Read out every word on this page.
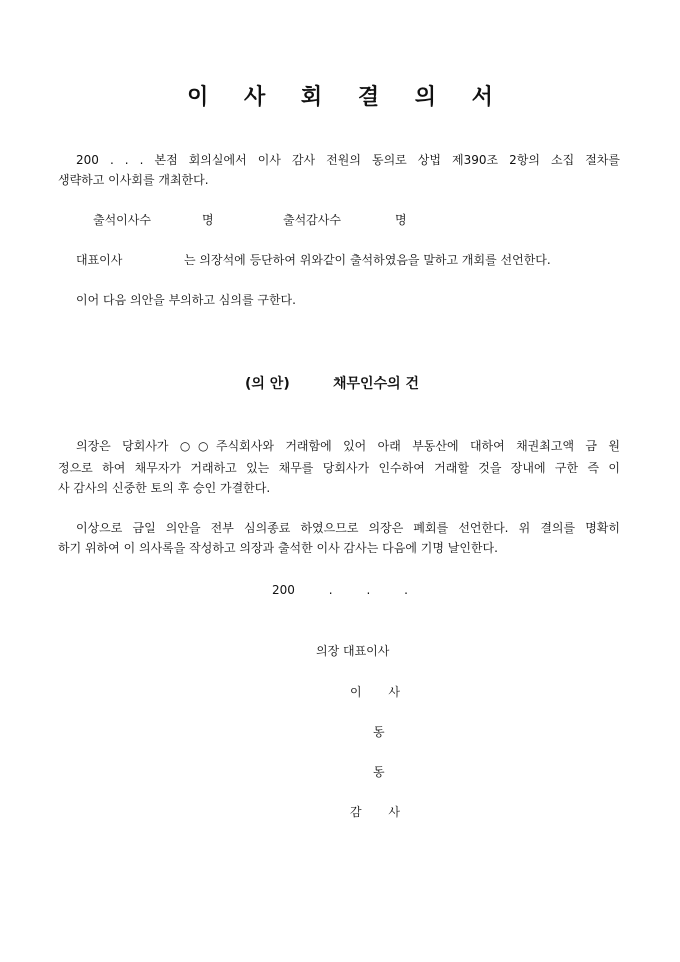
이 사 회 결 의 서
200 . . . 본점 회의실에서 이사 감사 전원의 동의로 상법 제390조 2항의 소집 절차를
생략하고 이사회를 개최한다.
출석이사수	명	출석감사수	명
대표이사	는 의장석에 등단하여 위와같이 출석하였음을 말하고 개회를 선언한다.
이어 다음 의안을 부의하고 심의를 구한다.
(의 안)	채무인수의 건
의장은 당회사가 ○○주식회사와 거래함에 있어 아래 부동산에 대하여 채권최고액 금 원
정으로 하여 채무자가 거래하고 있는 채무를 당회사가 인수하여 거래할 것을 장내에 구한 즉 이
사 감사의 신중한 토의 후 승인 가결한다.
이상으로 금일 의안을 전부 심의종료 하였으므로 의장은 폐회를 선언한다. 위 결의를 명확히
하기 위하여 이 의사록을 작성하고 의장과 출석한 이사 감사는 다음에 기명 날인한다.
200 . . .
의장 대표이사
이 사
동
동
감 사
